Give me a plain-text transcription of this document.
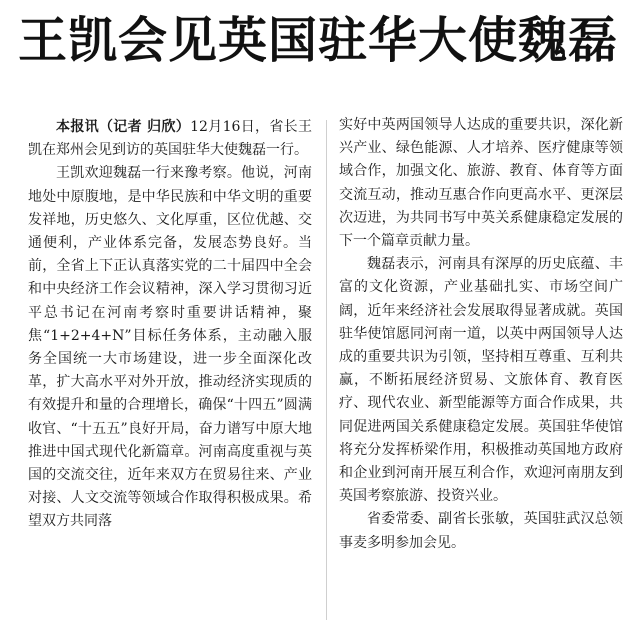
王凯会见英国驻华大使魏磊

本报讯（记者 归欣）12月16日，省长王凯在郑州会见到访的英国驻华大使魏磊一行。

王凯欢迎魏磊一行来豫考察。他说，河南地处中原腹地，是中华民族和中华文明的重要发祥地，历史悠久、文化厚重，区位优越、交通便利，产业体系完备，发展态势良好。当前，全省上下正认真落实党的二十届四中全会和中央经济工作会议精神，深入学习贯彻习近平总书记在河南考察时重要讲话精神，聚焦“1+2+4+N”目标任务体系，主动融入服务全国统一大市场建设，进一步全面深化改革，扩大高水平对外开放，推动经济实现质的有效提升和量的合理增长，确保“十四五”圆满收官、“十五五”良好开局，奋力谱写中原大地推进中国式现代化新篇章。河南高度重视与英国的交流交往，近年来双方在贸易往来、产业对接、人文交流等领域合作取得积极成果。希望双方共同落

实好中英两国领导人达成的重要共识，深化新兴产业、绿色能源、人才培养、医疗健康等领域合作，加强文化、旅游、教育、体育等方面交流互动，推动互惠合作向更高水平、更深层次迈进，为共同书写中英关系健康稳定发展的下一个篇章贡献力量。

魏磊表示，河南具有深厚的历史底蕴、丰富的文化资源，产业基础扎实、市场空间广阔，近年来经济社会发展取得显著成就。英国驻华使馆愿同河南一道，以英中两国领导人达成的重要共识为引领，坚持相互尊重、互利共赢，不断拓展经济贸易、文旅体育、教育医疗、现代农业、新型能源等方面合作成果，共同促进两国关系健康稳定发展。英国驻华使馆将充分发挥桥梁作用，积极推动英国地方政府和企业到河南开展互利合作，欢迎河南朋友到英国考察旅游、投资兴业。

省委常委、副省长张敏，英国驻武汉总领事麦多明参加会见。
